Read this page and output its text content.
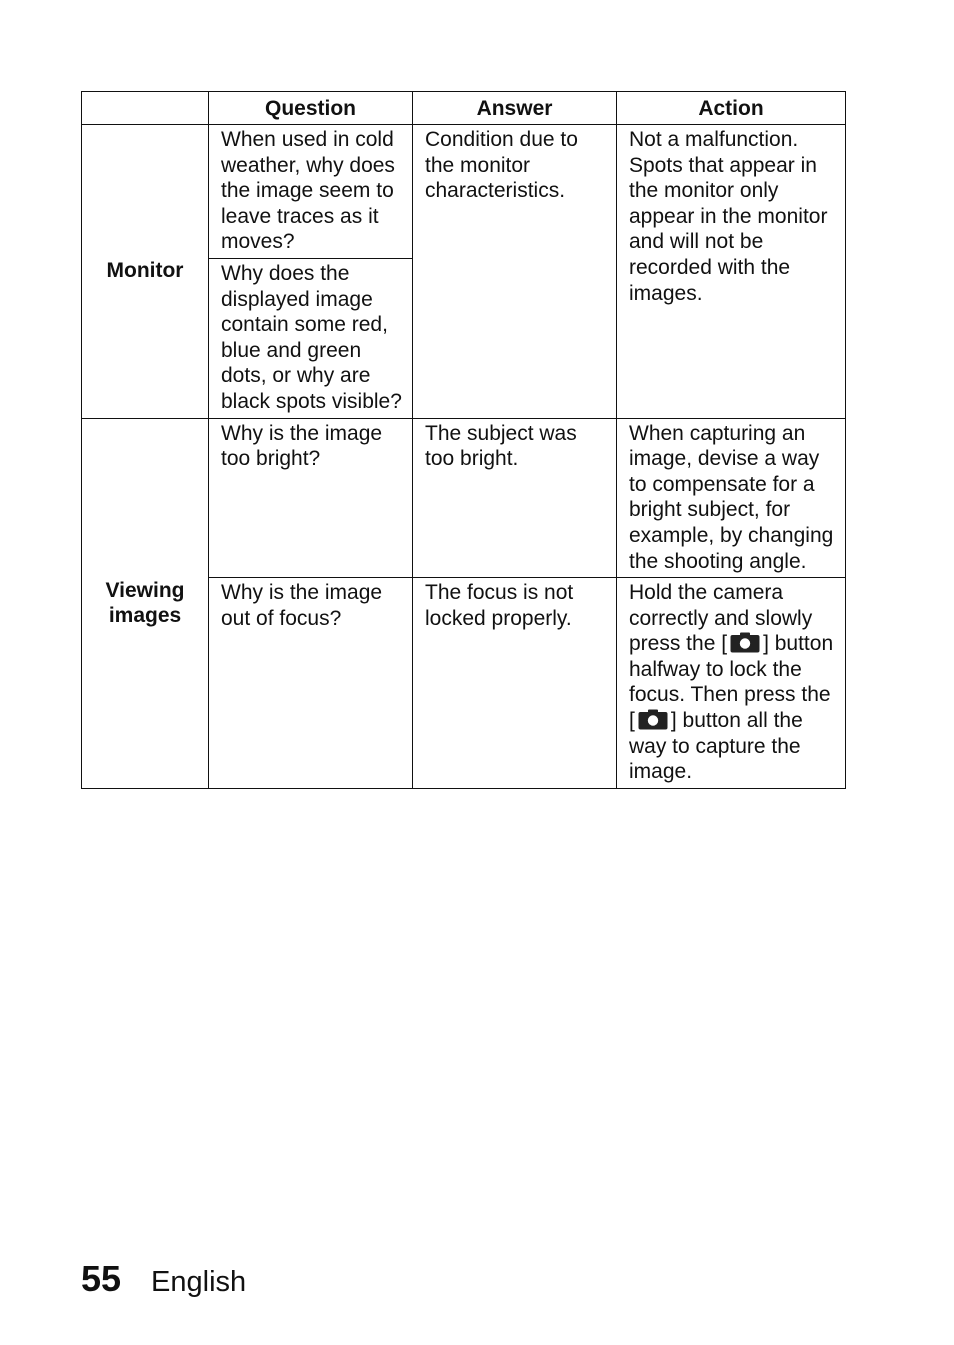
	Question	Answer	Action
Monitor	When used in cold weather, why does the image seem to leave traces as it moves?	Condition due to the monitor characteristics.	Not a malfunction. Spots that appear in the monitor only appear in the monitor and will not be recorded with the images.
	Why does the displayed image contain some red, blue and green dots, or why are black spots visible?		
Viewing images	Why is the image too bright?	The subject was too bright.	When capturing an image, devise a way to compensate for a bright subject, for example, by changing the shooting angle.
	Why is the image out of focus?	The focus is not locked properly.	Hold the camera correctly and slowly press the [ ] button halfway to lock the focus. Then press the [ ] button all the way to capture the image.
55 English
